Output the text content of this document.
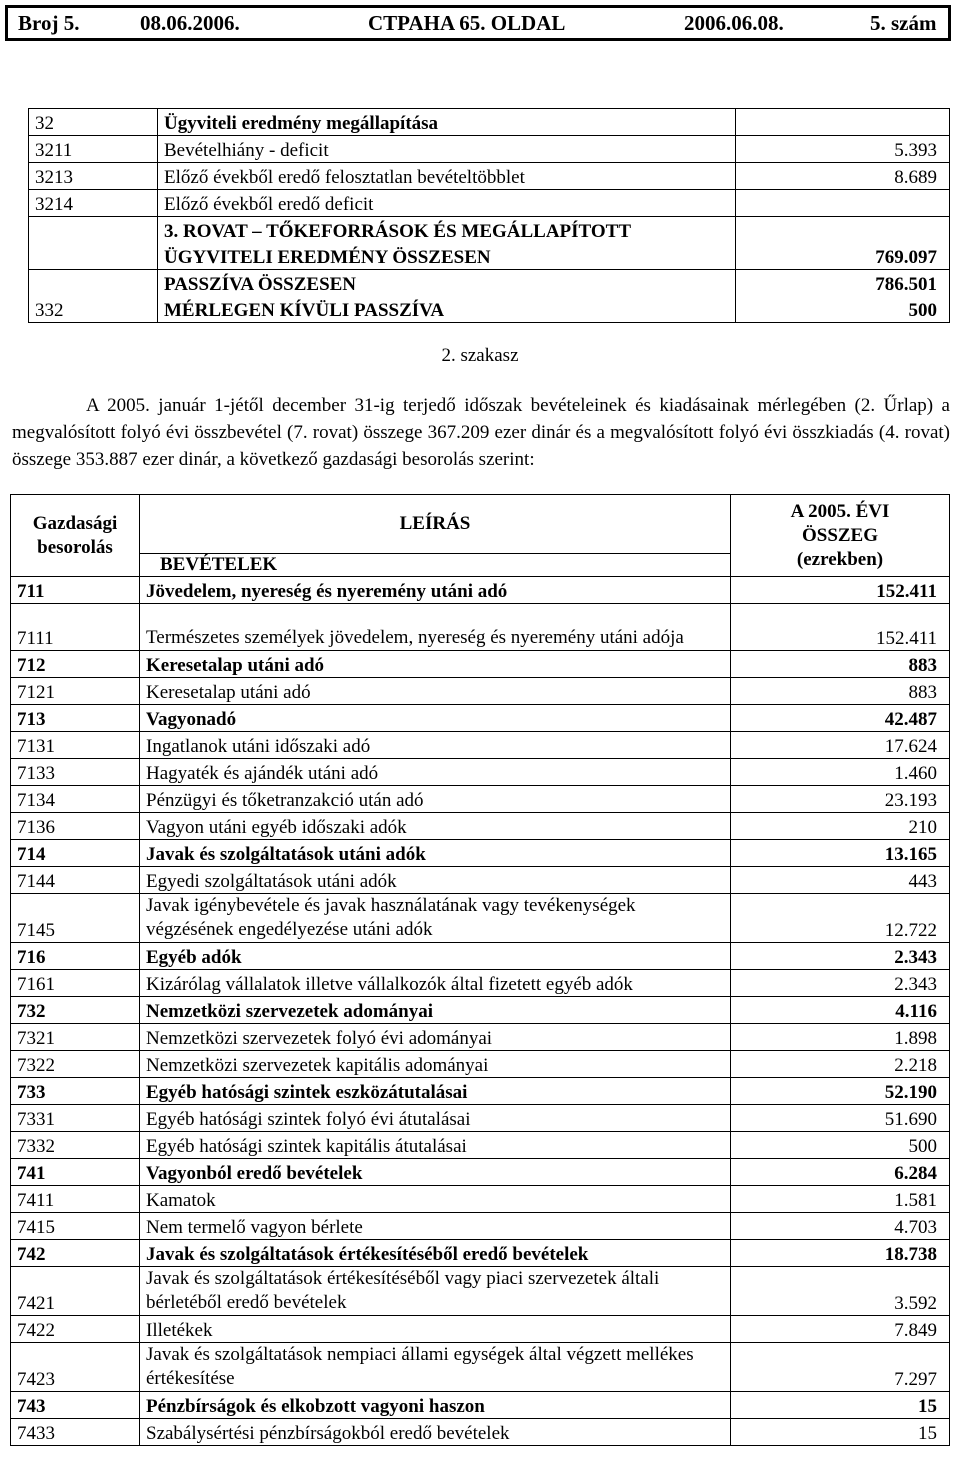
Broj 5.	08.06.2006.	CTPAHA 65. OLDAL	2006.06.08.	5. szám
32	Ügyviteli eredmény megállapítása	
3211	Bevételhiány - deficit	5.393
3213	Előző évekből eredő felosztatlan bevételtöbblet	8.689
3214	Előző évekből eredő deficit	
	3. ROVAT – TŐKEFORRÁSOK ÉS MEGÁLLAPÍTOTT	
	ÜGYVITELI EREDMÉNY ÖSSZESEN	769.097
	PASSZÍVA ÖSSZESEN	786.501
332	MÉRLEGEN KÍVÜLI PASSZÍVA	500
2. szakasz
A 2005. január 1-jétől december 31-ig terjedő időszak bevételeinek és kiadásainak mérlegében (2. Űrlap) a megvalósított folyó évi összbevétel (7. rovat) összege 367.209 ezer dinár és a megvalósított folyó évi összkiadás (4. rovat) összege 353.887 ezer dinár, a következő gazdasági besorolás szerint:
Gazdasági besorolás	LEÍRÁS	A 2005. ÉVI ÖSSZEG (ezrekben)
	BEVÉTELEK	
711	Jövedelem, nyereség és nyeremény utáni adó	152.411
7111	Természetes személyek jövedelem, nyereség és nyeremény utáni adója	152.411
712	Keresetalap utáni adó	883
7121	Keresetalap utáni adó	883
713	Vagyonadó	42.487
7131	Ingatlanok utáni időszaki adó	17.624
7133	Hagyaték és ajándék utáni adó	1.460
7134	Pénzügyi és tőketranzakció után adó	23.193
7136	Vagyon utáni egyéb időszaki adók	210
714	Javak és szolgáltatások utáni adók	13.165
7144	Egyedi szolgáltatások utáni adók	443
7145	Javak igénybevétele és javak használatának vagy tevékenységek végzésének engedélyezése utáni adók	12.722
716	Egyéb adók	2.343
7161	Kizárólag vállalatok illetve vállalkozók által fizetett egyéb adók	2.343
732	Nemzetközi szervezetek adományai	4.116
7321	Nemzetközi szervezetek folyó évi adományai	1.898
7322	Nemzetközi szervezetek kapitális adományai	2.218
733	Egyéb hatósági szintek eszközátutalásai	52.190
7331	Egyéb hatósági szintek folyó évi átutalásai	51.690
7332	Egyéb hatósági szintek kapitális átutalásai	500
741	Vagyonból eredő bevételek	6.284
7411	Kamatok	1.581
7415	Nem termelő vagyon bérlete	4.703
742	Javak és szolgáltatások értékesítéséből eredő bevételek	18.738
7421	Javak és szolgáltatások értékesítéséből vagy piaci szervezetek általi bérletéből eredő bevételek	3.592
7422	Illetékek	7.849
7423	Javak és szolgáltatások nempiaci állami egységek által végzett mellékes értékesítése	7.297
743	Pénzbírságok és elkobzott vagyoni haszon	15
7433	Szabálysértési pénzbírságokból eredő bevételek	15
